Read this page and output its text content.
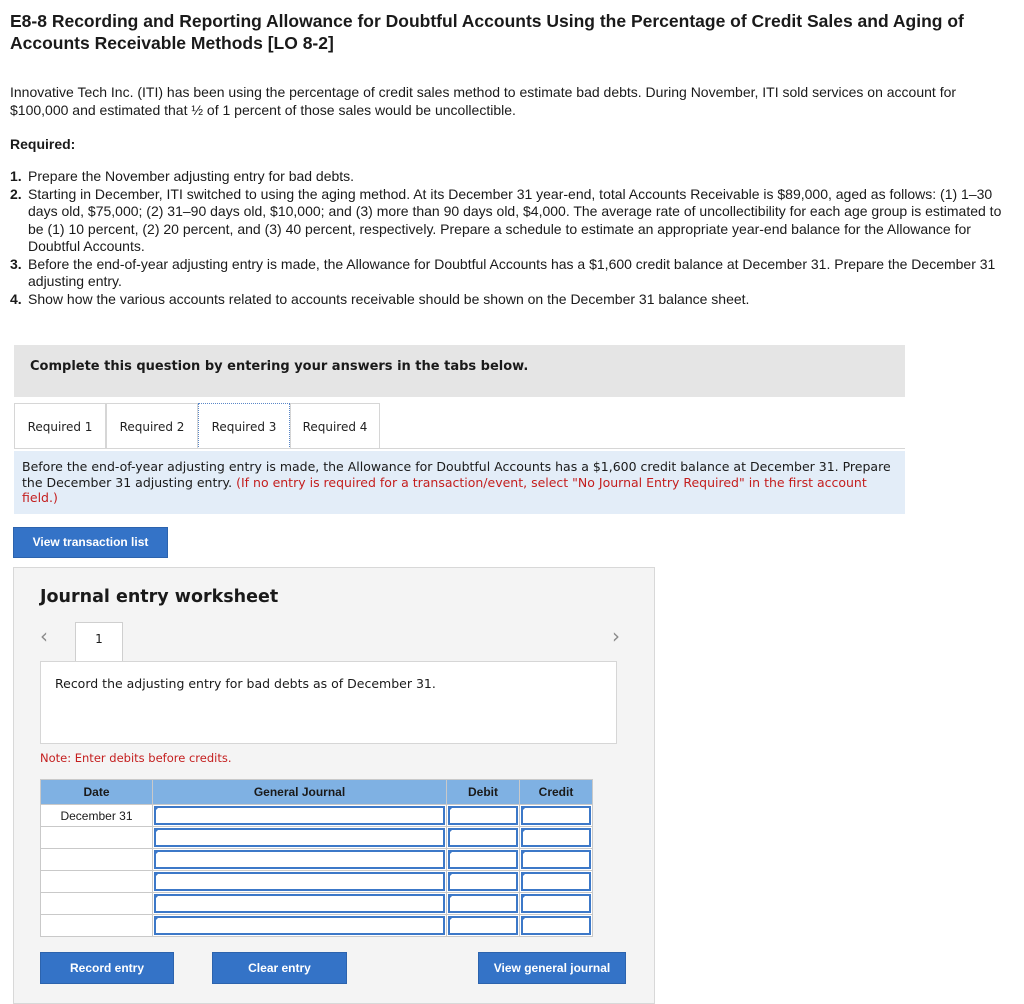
E8-8 Recording and Reporting Allowance for Doubtful Accounts Using the Percentage of Credit Sales and Aging of Accounts Receivable Methods [LO 8-2]
Innovative Tech Inc. (ITI) has been using the percentage of credit sales method to estimate bad debts. During November, ITI sold services on account for $100,000 and estimated that ½ of 1 percent of those sales would be uncollectible.
Required:
1. Prepare the November adjusting entry for bad debts.
2. Starting in December, ITI switched to using the aging method. At its December 31 year-end, total Accounts Receivable is $89,000, aged as follows: (1) 1–30 days old, $75,000; (2) 31–90 days old, $10,000; and (3) more than 90 days old, $4,000. The average rate of uncollectibility for each age group is estimated to be (1) 10 percent, (2) 20 percent, and (3) 40 percent, respectively. Prepare a schedule to estimate an appropriate year-end balance for the Allowance for Doubtful Accounts.
3. Before the end-of-year adjusting entry is made, the Allowance for Doubtful Accounts has a $1,600 credit balance at December 31. Prepare the December 31 adjusting entry.
4. Show how the various accounts related to accounts receivable should be shown on the December 31 balance sheet.
Complete this question by entering your answers in the tabs below.
Required 1	Required 2	Required 3	Required 4
Before the end-of-year adjusting entry is made, the Allowance for Doubtful Accounts has a $1,600 credit balance at December 31. Prepare the December 31 adjusting entry. (If no entry is required for a transaction/event, select "No Journal Entry Required" in the first account field.)
View transaction list
Journal entry worksheet
‹	1	›
Record the adjusting entry for bad debts as of December 31.
Note: Enter debits before credits.
Date	General Journal	Debit	Credit
December 31	

Record entry	Clear entry	View general journal
